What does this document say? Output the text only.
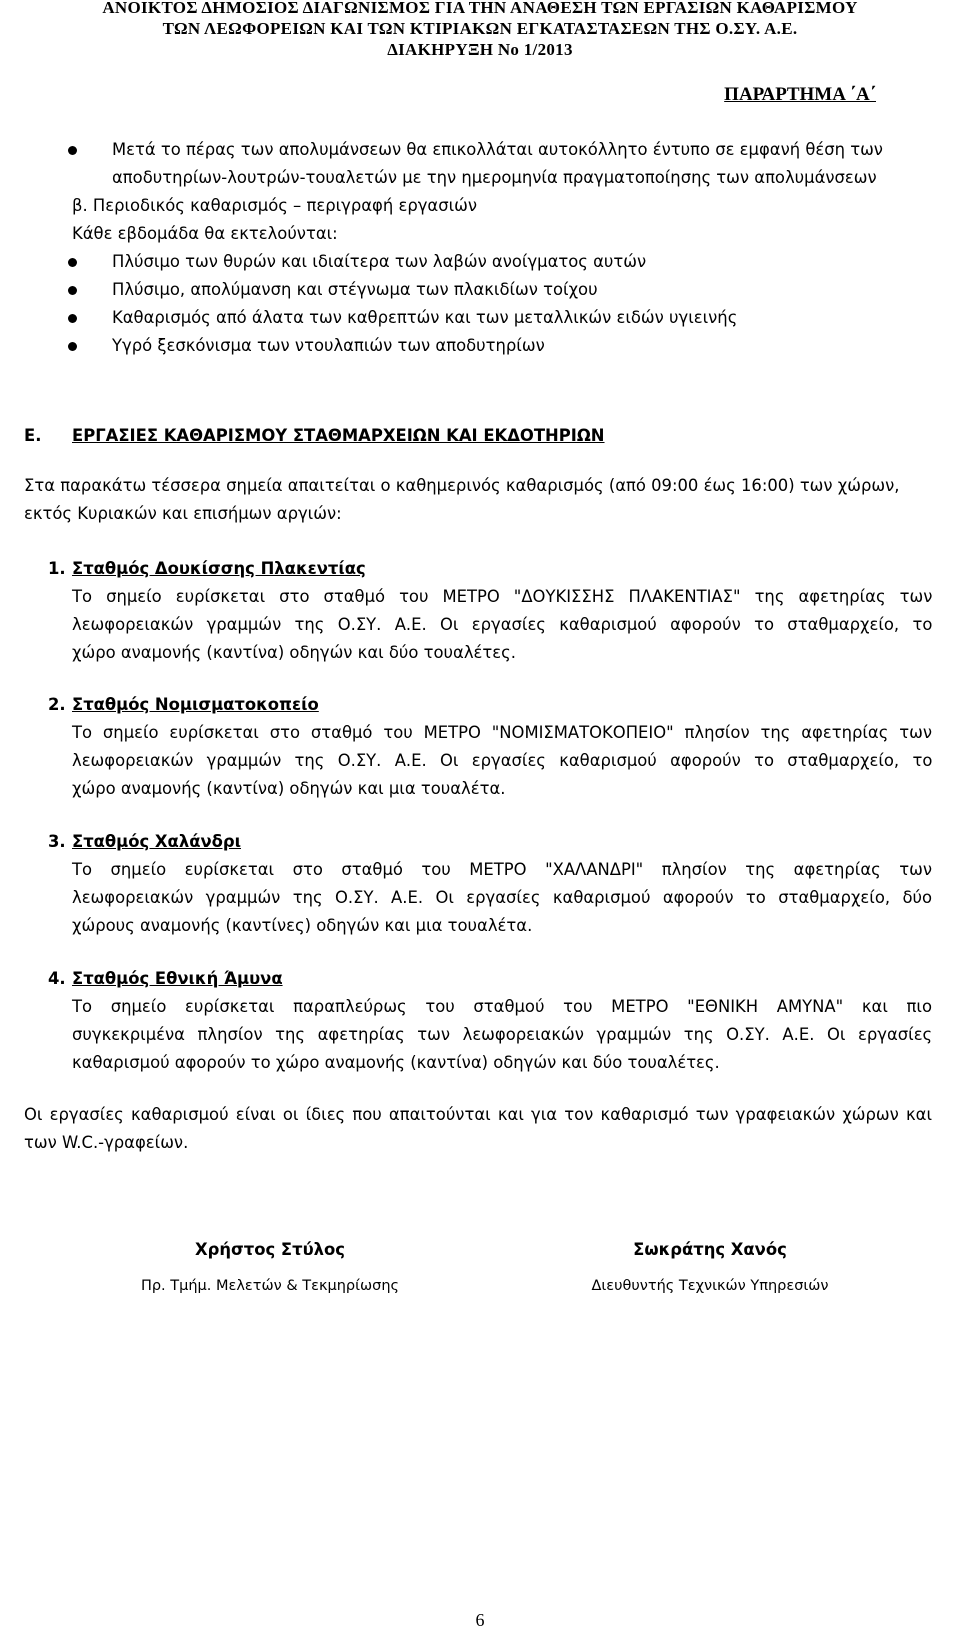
ΑΝΟΙΚΤΟΣ ΔΗΜΟΣΙΟΣ ΔΙΑΓΩΝΙΣΜΟΣ ΓΙΑ ΤΗΝ ΑΝΑΘΕΣΗ ΤΩΝ ΕΡΓΑΣΙΩΝ ΚΑΘΑΡΙΣΜΟΥ
ΤΩΝ ΛΕΩΦΟΡΕΙΩΝ ΚΑΙ ΤΩΝ ΚΤΙΡΙΑΚΩΝ ΕΓΚΑΤΑΣΤΑΣΕΩΝ ΤΗΣ Ο.ΣΥ. Α.Ε.
ΔΙΑΚΗΡΥΞΗ Νο 1/2013
ΠΑΡΑΡΤΗΜΑ ΄Α΄
Μετά το πέρας των απολυμάνσεων θα επικολλάται αυτοκόλλητο έντυπο σε εμφανή θέση των
αποδυτηρίων-λουτρών-τουαλετών με την ημερομηνία πραγματοποίησης των απολυμάνσεων
β. Περιοδικός καθαρισμός – περιγραφή εργασιών
Κάθε εβδομάδα θα εκτελούνται:
Πλύσιμο των θυρών και ιδιαίτερα των λαβών ανοίγματος αυτών
Πλύσιμο, απολύμανση και στέγνωμα των πλακιδίων τοίχου
Καθαρισμός από άλατα των καθρεπτών και των μεταλλικών ειδών υγιεινής
Υγρό ξεσκόνισμα των ντουλαπιών των αποδυτηρίων
Ε. ΕΡΓΑΣΙΕΣ ΚΑΘΑΡΙΣΜΟΥ ΣΤΑΘΜΑΡΧΕΙΩΝ ΚΑΙ ΕΚΔΟΤΗΡΙΩΝ
Στα παρακάτω τέσσερα σημεία απαιτείται ο καθημερινός καθαρισμός (από 09:00 έως 16:00) των χώρων,
εκτός Κυριακών και επισήμων αργιών:
1. Σταθμός Δουκίσσης Πλακεντίας
Το σημείο ευρίσκεται στο σταθμό του ΜΕΤΡΟ "ΔΟΥΚΙΣΣΗΣ ΠΛΑΚΕΝΤΙΑΣ" της αφετηρίας των
λεωφορειακών γραμμών της Ο.ΣΥ. Α.Ε. Οι εργασίες καθαρισμού αφορούν το σταθμαρχείο, το
χώρο αναμονής (καντίνα) οδηγών και δύο τουαλέτες.
2. Σταθμός Νομισματοκοπείο
Το σημείο ευρίσκεται στο σταθμό του ΜΕΤΡΟ "ΝΟΜΙΣΜΑΤΟΚΟΠΕΙΟ" πλησίον της αφετηρίας των
λεωφορειακών γραμμών της Ο.ΣΥ. Α.Ε. Οι εργασίες καθαρισμού αφορούν το σταθμαρχείο, το
χώρο αναμονής (καντίνα) οδηγών και μια τουαλέτα.
3. Σταθμός Χαλάνδρι
Το σημείο ευρίσκεται στο σταθμό του ΜΕΤΡΟ "ΧΑΛΑΝΔΡΙ" πλησίον της αφετηρίας των
λεωφορειακών γραμμών της Ο.ΣΥ. Α.Ε. Οι εργασίες καθαρισμού αφορούν το σταθμαρχείο, δύο
χώρους αναμονής (καντίνες) οδηγών και μια τουαλέτα.
4. Σταθμός Εθνική Άμυνα
Το σημείο ευρίσκεται παραπλεύρως του σταθμού του ΜΕΤΡΟ "ΕΘΝΙΚΗ ΑΜΥΝΑ" και πιο
συγκεκριμένα πλησίον της αφετηρίας των λεωφορειακών γραμμών της Ο.ΣΥ. Α.Ε. Οι εργασίες
καθαρισμού αφορούν το χώρο αναμονής (καντίνα) οδηγών και δύο τουαλέτες.
Οι εργασίες καθαρισμού είναι οι ίδιες που απαιτούνται και για τον καθαρισμό των γραφειακών χώρων και
των W.C.-γραφείων.
Χρήστος Στύλος
Πρ. Τμήμ. Μελετών & Τεκμηρίωσης
Σωκράτης Χανός
Διευθυντής Τεχνικών Υπηρεσιών
6
